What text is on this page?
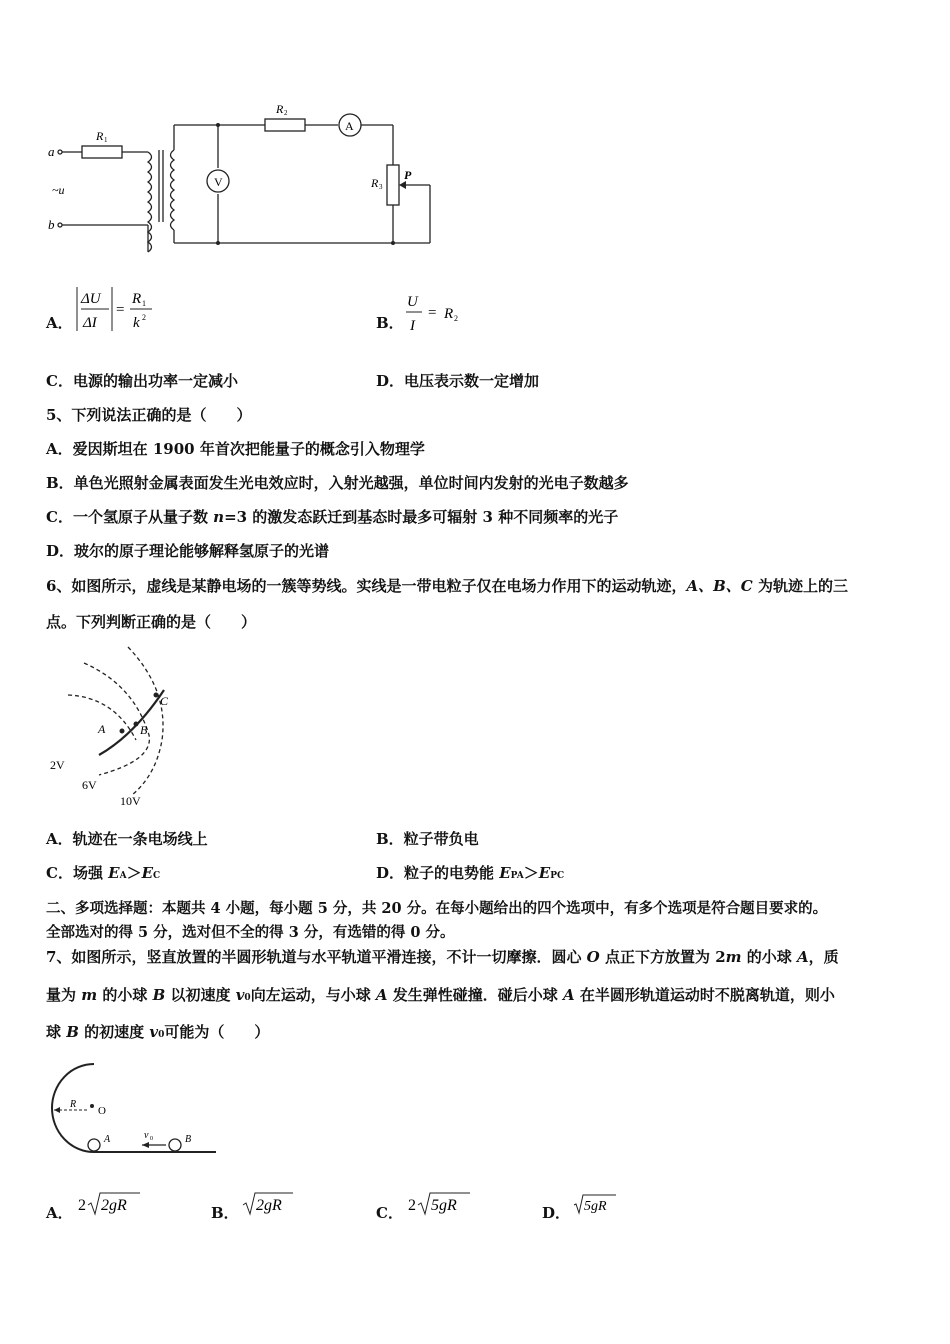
a
b
~u
R 1
R 2
R 3
P
V
A
A．
ΔU
ΔI
=
R 1
k 2	B．
U
I
= R 2
C．电源的输出功率一定减小	D．电压表示数一定增加
5、下列说法正确的是（　　）
A．爱因斯坦在 1900 年首次把能量子的概念引入物理学
B．单色光照射金属表面发生光电效应时，入射光越强，单位时间内发射的光电子数越多
C．一个氢原子从量子数 n=3 的激发态跃迁到基态时最多可辐射 3 种不同频率的光子
D．玻尔的原子理论能够解释氢原子的光谱
6、如图所示，虚线是某静电场的一簇等势线。实线是一带电粒子仅在电场力作用下的运动轨迹，A、B、C 为轨迹上的三
点。下列判断正确的是（　　）
A	B
C
2V
6V
10V
A．轨迹在一条电场线上	B．粒子带负电
C．场强 EA＞EC	D．粒子的电势能 EPA＞EPC
二、多项选择题：本题共 4 小题，每小题 5 分，共 20 分。在每小题给出的四个选项中，有多个选项是符合题目要求的。
全部选对的得 5 分，选对但不全的得 3 分，有选错的得 0 分。
7、如图所示，竖直放置的半圆形轨道与水平轨道平滑连接，不计一切摩擦．圆心 O 点正下方放置为 2m 的小球 A，质
量为 m 的小球 B 以初速度 v0向左运动，与小球 A 发生弹性碰撞．碰后小球 A 在半圆形轨道运动时不脱离轨道，则小
球 B 的初速度 v0可能为（　　）
R
O
A	B
v 0
A． 2 2gR	B． 2gR	C． 2 5gR	D． 5gR
